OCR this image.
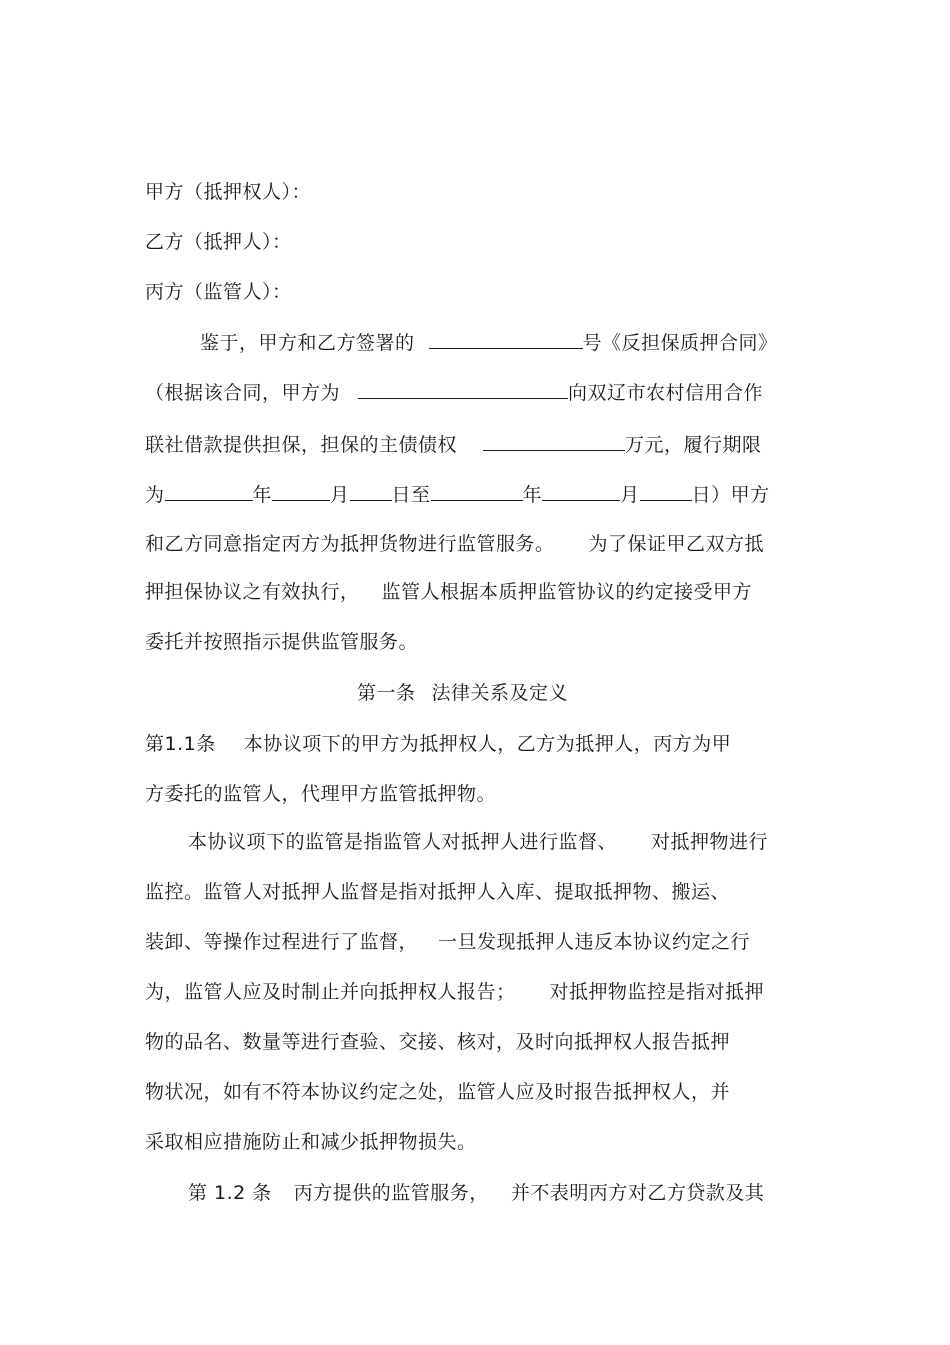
甲方（抵押权人）：
乙方（抵押人）：
丙方（监管人）：
鉴于，甲方和乙方签署的	号《反担保质押合同》
（根据该合同，甲方为	向双辽市农村信用合作
联社借款提供担保，担保的主债债权	万元，履行期限
为	年	月 日至	年	月	日）甲方
和乙方同意指定丙方为抵押货物进行监管服务。 为了保证甲乙双方抵
押担保协议之有效执行， 监管人根据本质押监管协议的约定接受甲方
委托并按照指示提供监管服务。
第一条 法律关系及定义
第1.1条 本协议项下的甲方为抵押权人，乙方为抵押人，丙方为甲
方委托的监管人，代理甲方监管抵押物。
本协议项下的监管是指监管人对抵押人进行监督、 对抵押物进行
监控。监管人对抵押人监督是指对抵押人入库、提取抵押物、搬运、
装卸、等操作过程进行了监督， 一旦发现抵押人违反本协议约定之行
为，监管人应及时制止并向抵押权人报告； 对抵押物监控是指对抵押
物的品名、数量等进行查验、交接、核对，及时向抵押权人报告抵押
物状况，如有不符本协议约定之处，监管人应及时报告抵押权人，并
采取相应措施防止和减少抵押物损失。
第 1.2 条 丙方提供的监管服务， 并不表明丙方对乙方贷款及其
